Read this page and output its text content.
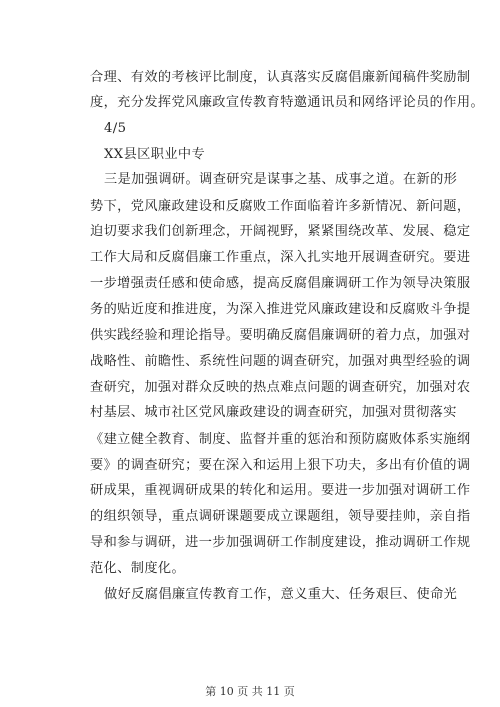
合理、有效的考核评比制度，认真落实反腐倡廉新闻稿件奖励制
度，充分发挥党风廉政宣传教育特邀通讯员和网络评论员的作用。
4/5
XX县区职业中专
三是加强调研。调查研究是谋事之基、成事之道。在新的形
势下，党风廉政建设和反腐败工作面临着许多新情况、新问题，
迫切要求我们创新理念，开阔视野，紧紧围绕改革、发展、稳定
工作大局和反腐倡廉工作重点，深入扎实地开展调查研究。要进
一步增强责任感和使命感，提高反腐倡廉调研工作为领导决策服
务的贴近度和推进度，为深入推进党风廉政建设和反腐败斗争提
供实践经验和理论指导。要明确反腐倡廉调研的着力点，加强对
战略性、前瞻性、系统性问题的调查研究，加强对典型经验的调
查研究，加强对群众反映的热点难点问题的调查研究，加强对农
村基层、城市社区党风廉政建设的调查研究，加强对贯彻落实
《建立健全教育、制度、监督并重的惩治和预防腐败体系实施纲
要》的调查研究；要在深入和运用上狠下功夫，多出有价值的调
研成果，重视调研成果的转化和运用。要进一步加强对调研工作
的组织领导，重点调研课题要成立课题组，领导要挂帅，亲自指
导和参与调研，进一步加强调研工作制度建设，推动调研工作规
范化、制度化。
做好反腐倡廉宣传教育工作，意义重大、任务艰巨、使命光
第 10 页 共 11 页
